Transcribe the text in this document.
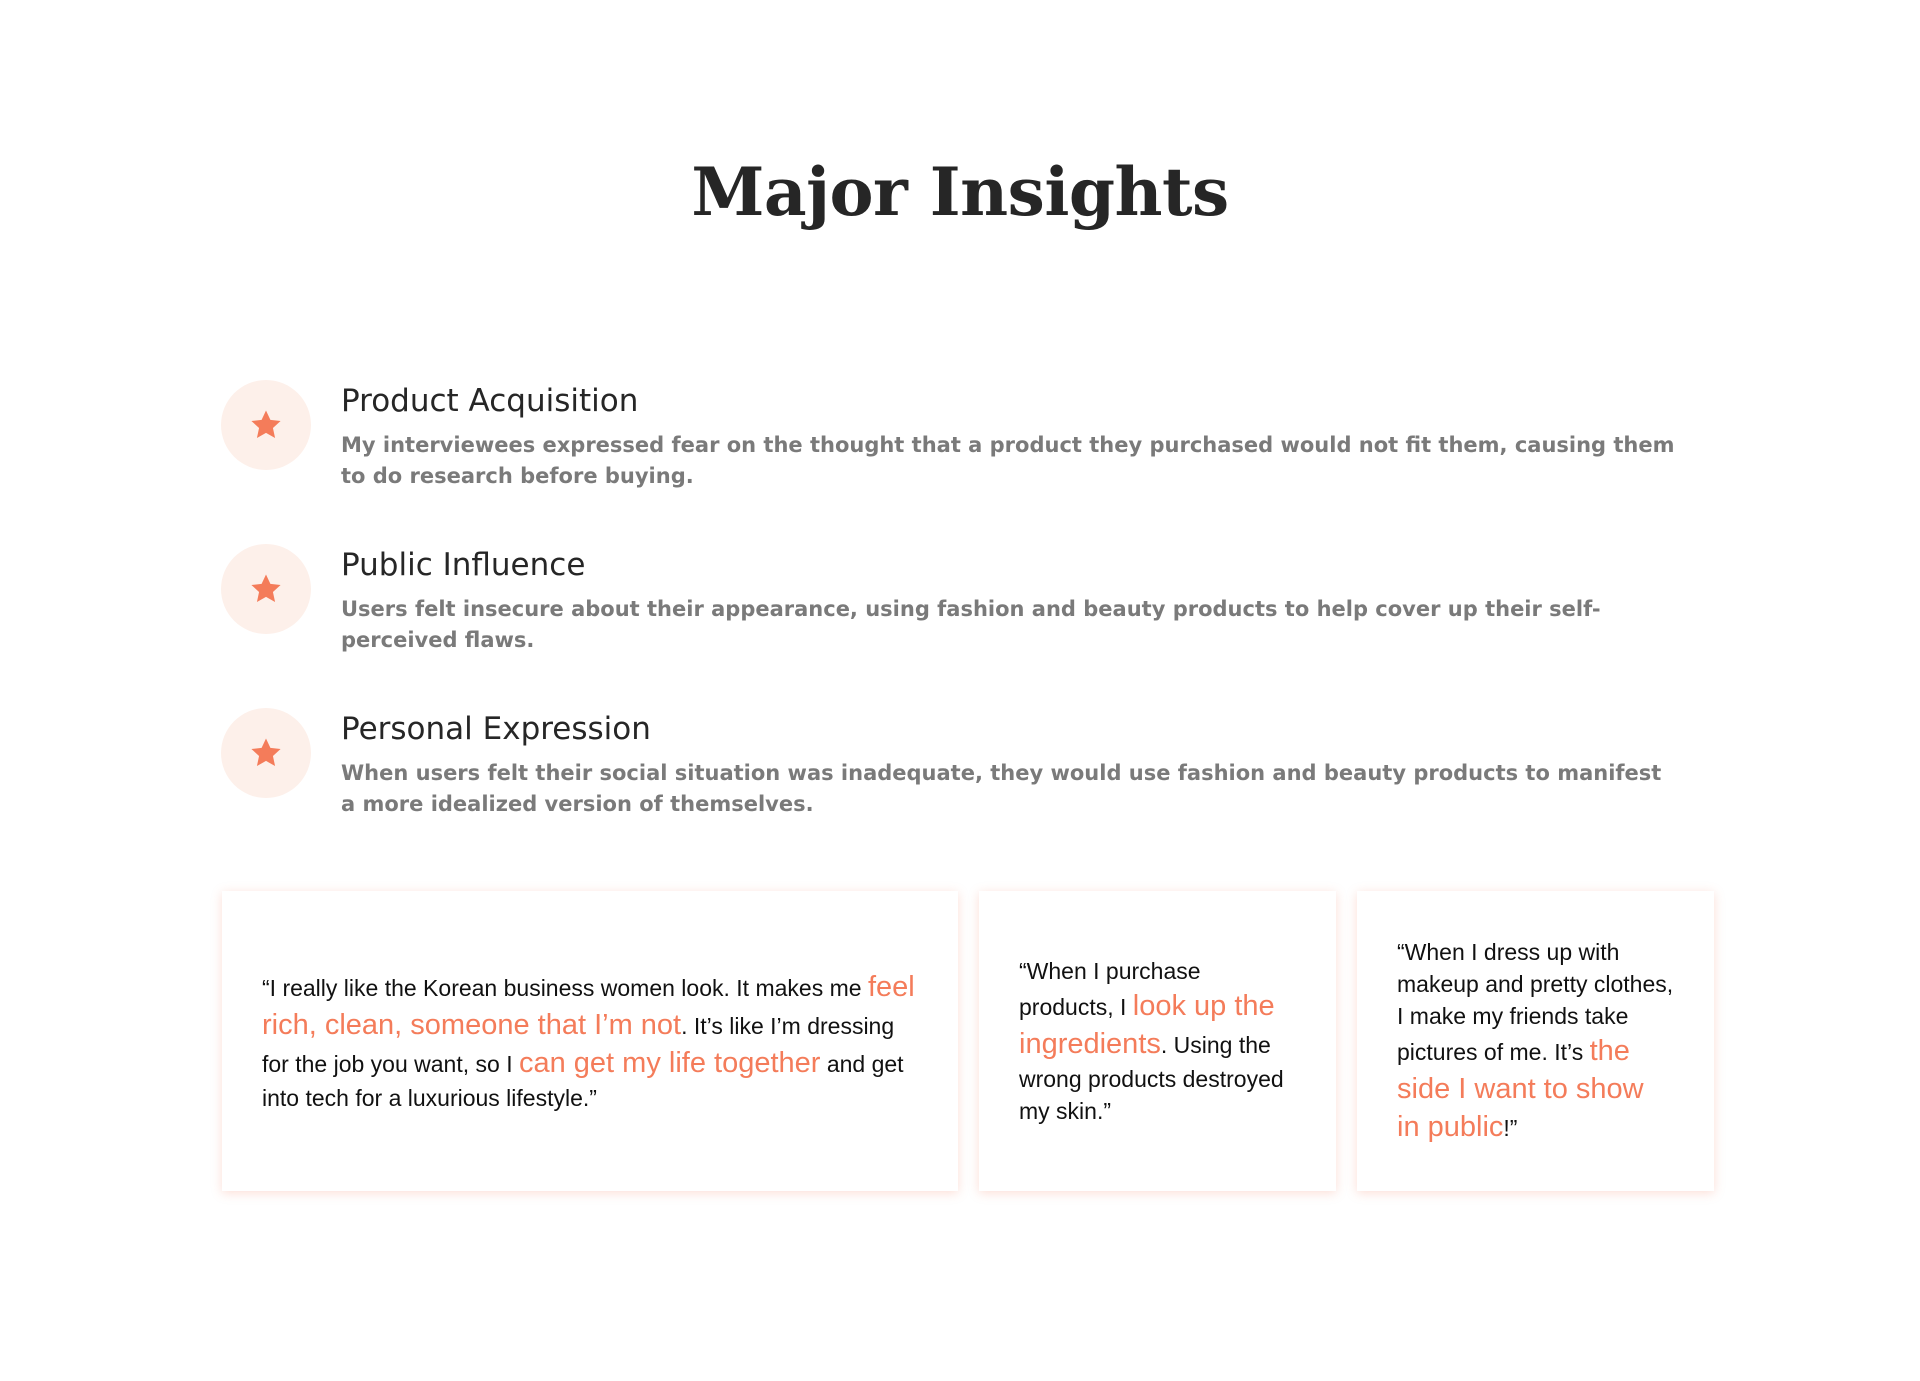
Major Insights
Product Acquisition

My interviewees expressed fear on the thought that a product they purchased would not fit them, causing them to do research before buying.

Public Influence

Users felt insecure about their appearance, using fashion and beauty products to help cover up their self-perceived flaws.

Personal Expression

When users felt their social situation was inadequate, they would use fashion and beauty products to manifest a more idealized version of themselves.

“I really like the Korean business women look. It makes me feel rich, clean, someone that I’m not. It’s like I’m dressing for the job you want, so I can get my life together and get into tech for a luxurious lifestyle.”

“When I purchase products, I look up the ingredients. Using the wrong products destroyed my skin.”

“When I dress up with makeup and pretty clothes, I make my friends take pictures of me. It’s the side I want to show in public!”
